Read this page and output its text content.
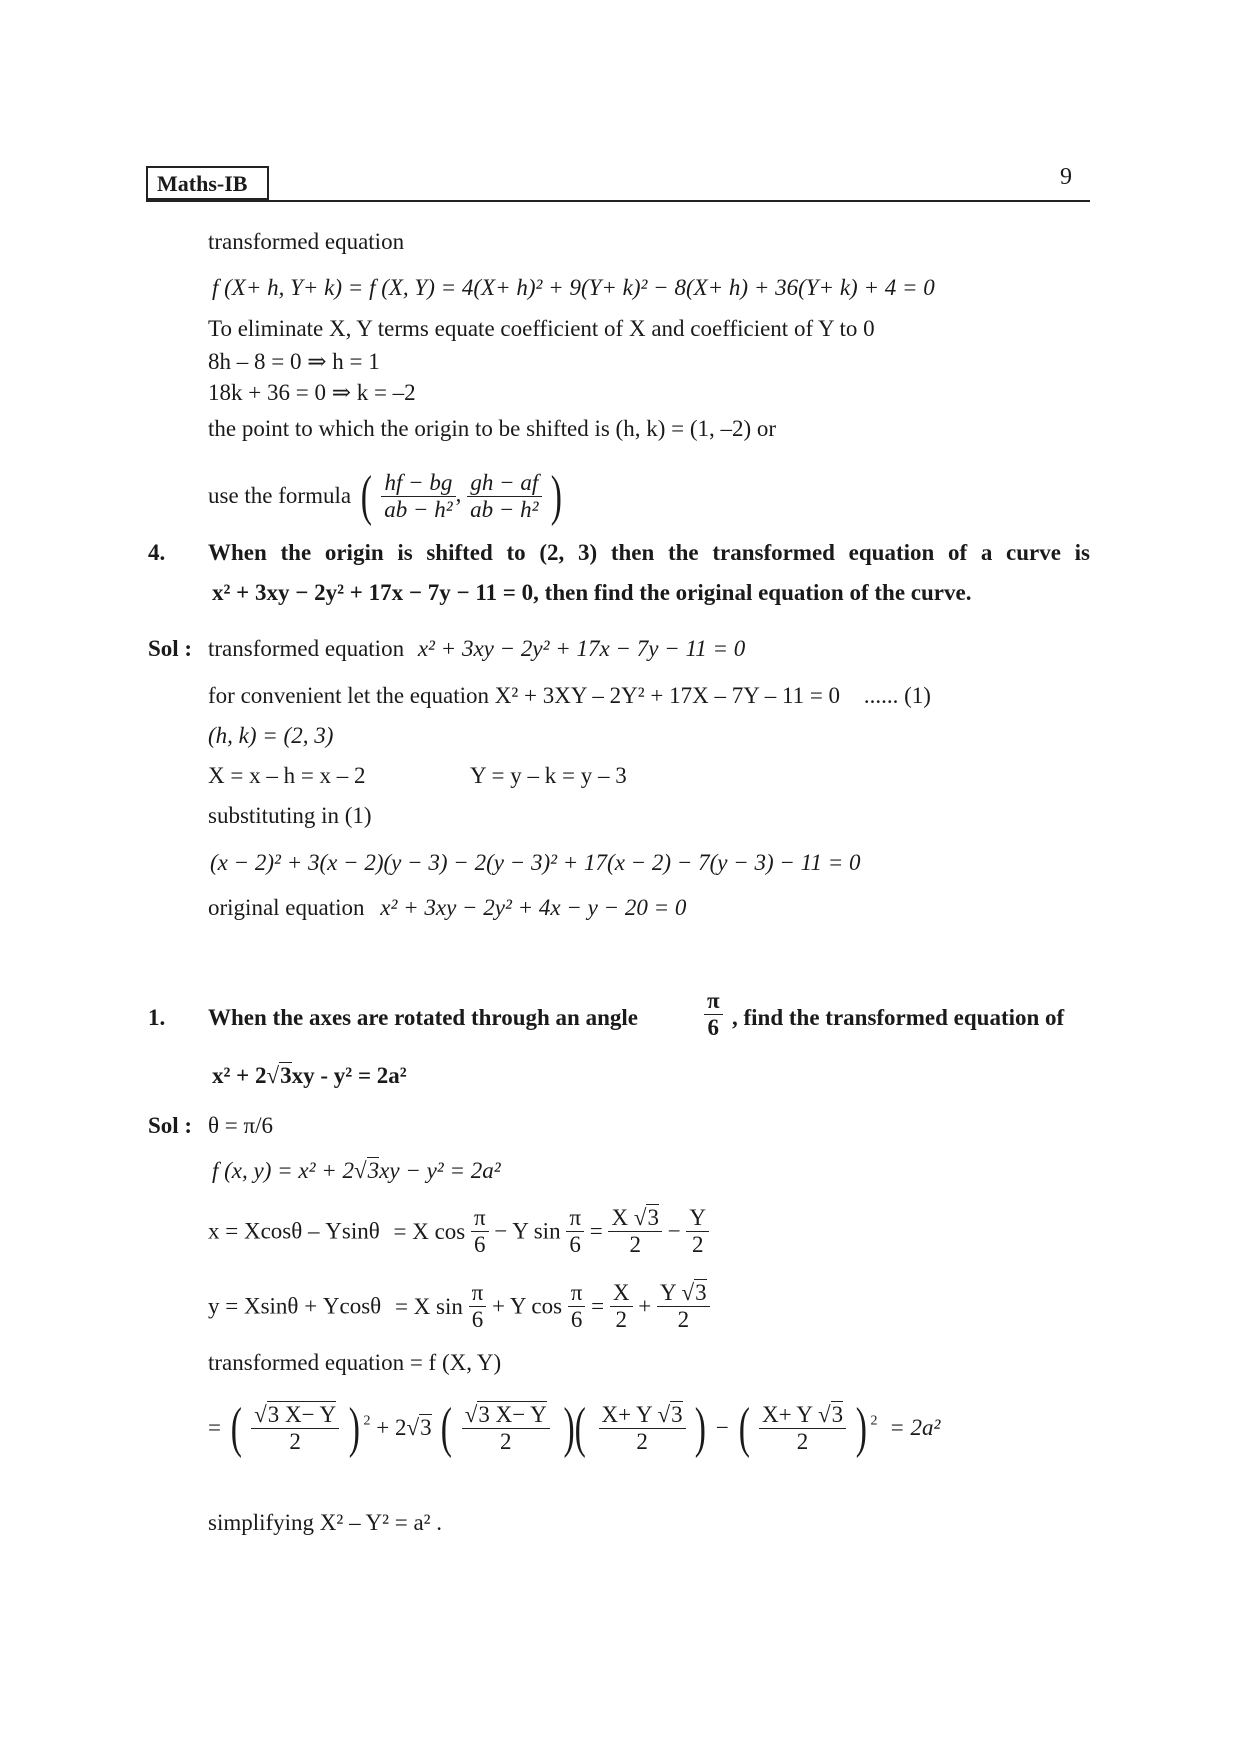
Maths-IB	9
transformed equation
f (X+ h, Y+ k) = f (X, Y) = 4(X+ h)² + 9(Y+ k)² − 8(X+ h) + 36(Y+ k) + 4 = 0
To eliminate X, Y terms equate coefficient of X and coefficient of Y to 0
8h – 8 = 0 ⇒ h = 1
18k + 36 = 0 ⇒ k = –2
the point to which the origin to be shifted is (h, k) = (1, –2) or
use the formula ( $\frac{hf - bg}{\text{ab − h²}}$ , $\frac{gh - af}{\text{ab − h²}}$ )
4. When the origin is shifted to (2, 3) then the transformed equation of a curve is
x² + 3xy − 2y² + 17x − 7y − 11 = 0, then find the original equation of the curve.
Sol : transformed equation x² + 3xy − 2y² + 17x − 7y − 11 = 0
for convenient let the equation X² + 3XY – 2Y² + 17X – 7Y – 11 = 0 ...... (1)
(h, k) = (2, 3)
X = x – h = x – 2	Y = y – k = y – 3
substituting in (1)
(x − 2)² + 3(x − 2)(y − 3) − 2(y − 3)² + 17(x − 2) − 7(y − 3) − 11 = 0
original equation x² + 3xy − 2y² + 4x − y − 20 = 0
1. When the axes are rotated through an angle	$\frac{\pi}{6}$ , find the transformed equation of
x² + 2√3xy - y² = 2a²
Sol : θ = π/6
f (x, y) = x² + 2√3xy − y² = 2a²
x = Xcosθ – Ysinθ = X $\cos \frac{\pi}{6} - Y$ $\sin \frac{\pi}{6} = \frac{X √3}{2} - \frac{Y}{2}$
y = Xsinθ + Ycosθ = X $\sin \frac{\pi}{6} + Y$ $\cos \frac{\pi}{6} = \frac{X}{2} + \frac{Y √3}{2}$
transformed equation = f (X, Y)
= ( $\frac{√3 X- Y}{2}$ ) $^2$ + 2√3 ( $\frac{√3 X- Y}{2}$ )( $\frac{X+ Y √3}{2}$ ) − ( $\frac{X+ Y √3}{2}$ ) $^2$ = 2a²
simplifying X² – Y² = a² .
